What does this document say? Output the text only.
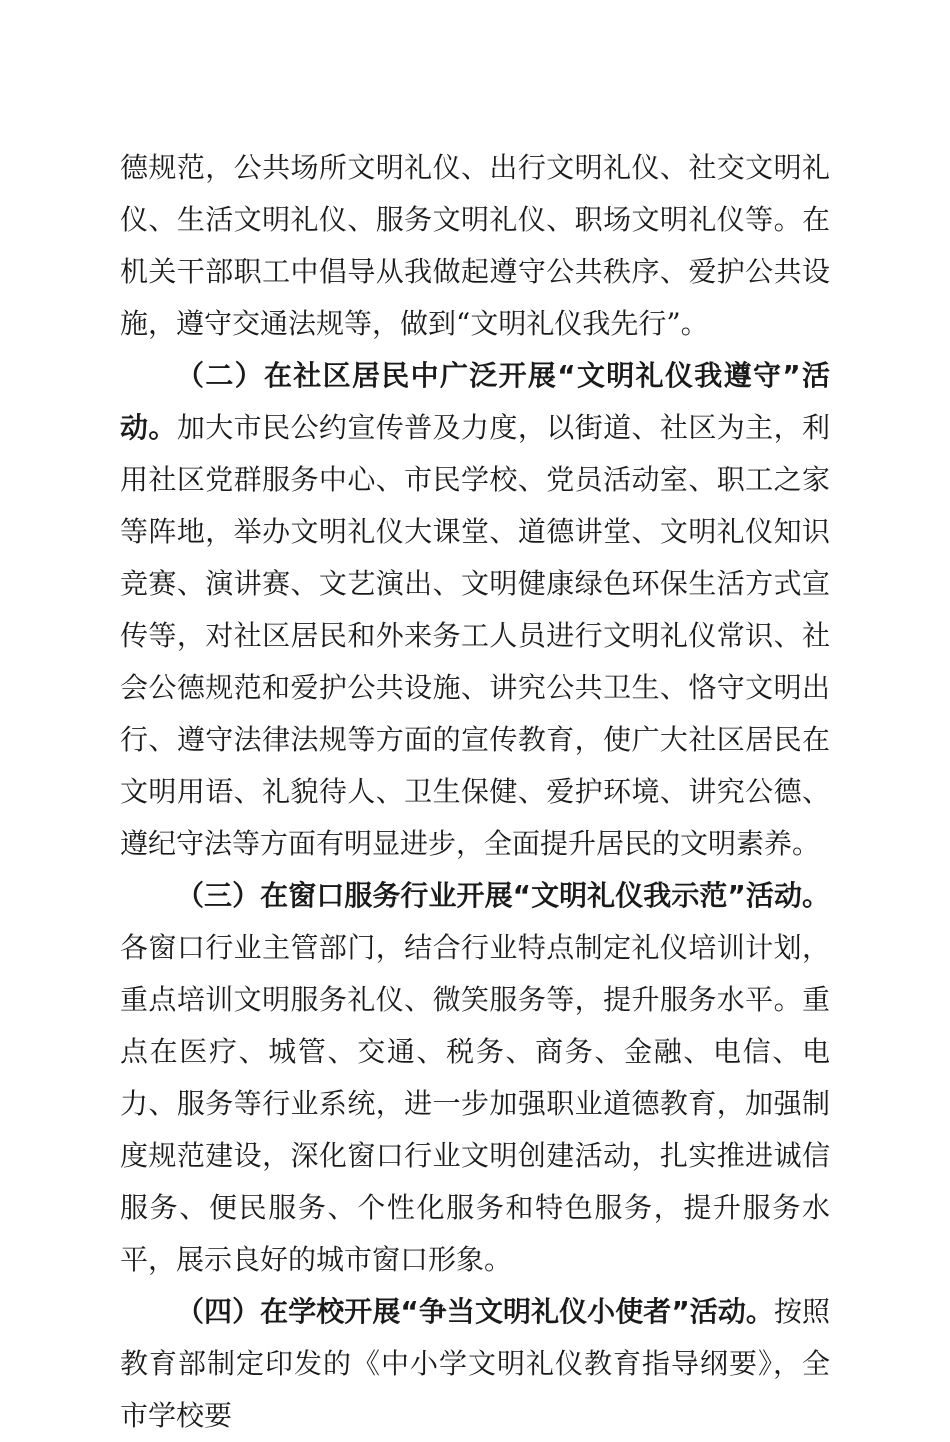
德规范，公共场所文明礼仪、出行文明礼仪、社交文明礼仪、生活文明礼仪、服务文明礼仪、职场文明礼仪等。在机关干部职工中倡导从我做起遵守公共秩序、爱护公共设施，遵守交通法规等，做到“文明礼仪我先行”。

（二）在社区居民中广泛开展“文明礼仪我遵守”活动。加大市民公约宣传普及力度，以街道、社区为主，利用社区党群服务中心、市民学校、党员活动室、职工之家等阵地，举办文明礼仪大课堂、道德讲堂、文明礼仪知识竞赛、演讲赛、文艺演出、文明健康绿色环保生活方式宣传等，对社区居民和外来务工人员进行文明礼仪常识、社会公德规范和爱护公共设施、讲究公共卫生、恪守文明出行、遵守法律法规等方面的宣传教育，使广大社区居民在文明用语、礼貌待人、卫生保健、爱护环境、讲究公德、遵纪守法等方面有明显进步，全面提升居民的文明素养。

（三）在窗口服务行业开展“文明礼仪我示范”活动。各窗口行业主管部门，结合行业特点制定礼仪培训计划，重点培训文明服务礼仪、微笑服务等，提升服务水平。重点在医疗、城管、交通、税务、商务、金融、电信、电力、服务等行业系统，进一步加强职业道德教育，加强制度规范建设，深化窗口行业文明创建活动，扎实推进诚信服务、便民服务、个性化服务和特色服务，提升服务水平，展示良好的城市窗口形象。

（四）在学校开展“争当文明礼仪小使者”活动。按照教育部制定印发的《中小学文明礼仪教育指导纲要》，全市学校要
